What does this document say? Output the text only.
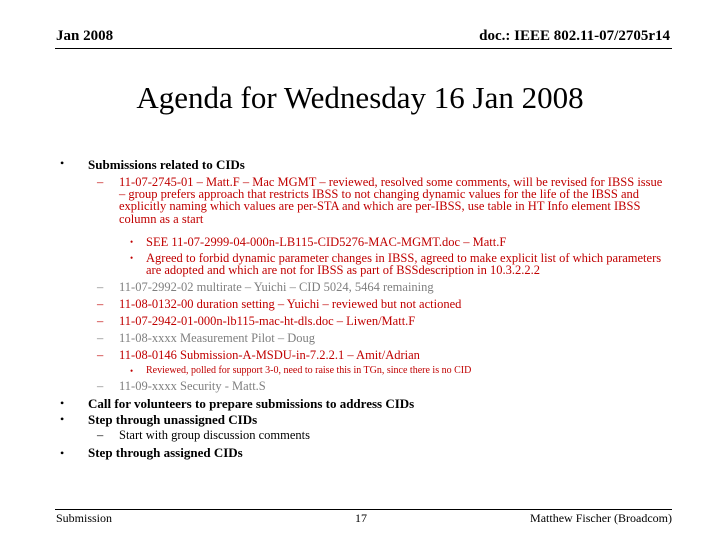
Jan 2008	doc.: IEEE 802.11-07/2705r14
Agenda for Wednesday 16 Jan 2008
• Submissions related to CIDs
– 11-07-2745-01 – Matt.F – Mac MGMT – reviewed, resolved some comments, will be revised for IBSS issue – group prefers approach that restricts IBSS to not changing dynamic values for the life of the IBSS and explicitly naming which values are per-STA and which are per-IBSS, use table in HT Info element IBSS column as a start
• SEE 11-07-2999-04-000n-LB115-CID5276-MAC-MGMT.doc – Matt.F
• Agreed to forbid dynamic parameter changes in IBSS, agreed to make explicit list of which parameters are adopted and which are not for IBSS as part of BSSdescription in 10.3.2.2.2
– 11-07-2992-02 multirate – Yuichi – CID 5024, 5464 remaining
– 11-08-0132-00 duration setting – Yuichi – reviewed but not actioned
– 11-07-2942-01-000n-lb115-mac-ht-dls.doc – Liwen/Matt.F
– 11-08-xxxx Measurement Pilot – Doug
– 11-08-0146 Submission-A-MSDU-in-7.2.2.1 – Amit/Adrian
• Reviewed, polled for support 3-0, need to raise this in TGn, since there is no CID
– 11-09-xxxx Security - Matt.S
• Call for volunteers to prepare submissions to address CIDs
• Step through unassigned CIDs
– Start with group discussion comments
• Step through assigned CIDs
Submission	17	Matthew Fischer (Broadcom)
